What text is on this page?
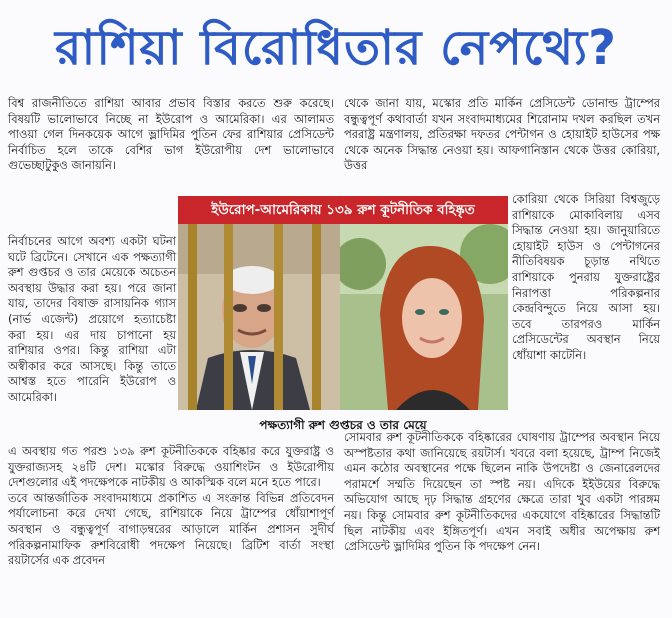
রাশিয়া বিরোধিতার নেপথ্যে?

বিশ্ব রাজনীতিতে রাশিয়া আবার প্রভাব বিস্তার করতে শুরু করেছে। বিষয়টি ভালোভাবে নিচ্ছে না ইউরোপ ও আমেরিকা। এর আলামত পাওয়া গেল দিনকয়েক আগে ভ্লাদিমির পুতিন ফের রাশিয়ার প্রেসিডেন্ট নির্বাচিত হলে তাকে বেশির ভাগ ইউরোপীয় দেশ ভালোভাবে গুভেচ্ছাটুকুও জানায়নি।

নির্বাচনের আগে অবশ্য একটা ঘটনা ঘটে ব্রিটেনে। সেখানে এক পক্ষত্যাগী রুশ গুপ্তচর ও তার মেয়েকে অচেতন অবস্থায় উদ্ধার করা হয়। পরে জানা যায়, তাদের বিষাক্ত রাসায়নিক গ্যাস (নার্ভ এজেন্ট) প্রয়োগে হত্যাচেষ্টা করা হয়। এর দায় চাপানো হয় রাশিয়ার ওপর। কিন্তু রাশিয়া এটা অস্বীকার করে আসছে। কিন্তু তাতে আশ্বস্ত হতে পারেনি ইউরোপ ও আমেরিকা।

এ অবস্থায় গত পরশু ১৩৯ রুশ কূটনীতিককে বহিষ্কার করে যুক্তরাষ্ট্র ও যুক্তরাজ্যসহ ২৪টি দেশ। মস্কোর বিরুদ্ধে ওয়াশিংটন ও ইউরোপীয় দেশগুলোর এই পদক্ষেপকে নাটকীয় ও আকস্মিক বলে মনে হতে পারে।

তবে আন্তর্জাতিক সংবাদমাধ্যমে প্রকাশিত এ সংক্রান্ত বিভিন্ন প্রতিবেদন পর্যালোচনা করে দেখা গেছে, রাশিয়াকে নিয়ে ট্রাম্পের ধোঁয়াশাপূর্ণ অবস্থান ও বন্ধুত্বপূর্ণ বাগাড়ম্বরের আড়ালে মার্কিন প্রশাসন সুদীর্ঘ পরিকল্পনামাফিক রুশবিরোধী পদক্ষেপ নিয়েছে। ব্রিটিশ বার্তা সংস্থা রয়টার্সের এক প্রবেদন

থেকে জানা যায়, মস্কোর প্রতি মার্কিন প্রেসিডেন্ট ডোনাল্ড ট্রাম্পের বন্ধুত্বপূর্ণ কথাবার্তা যখন সংবাদমাধ্যমের শিরোনাম দখল করছিল তখন পররাষ্ট্র মন্ত্রণালয়, প্রতিরক্ষা দফতর পেন্টাগন ও হোয়াইট হাউসের পক্ষ থেকে অনেক সিদ্ধান্ত নেওয়া হয়। আফগানিস্তান থেকে উত্তর কোরিয়া, উত্তর

কোরিয়া থেকে সিরিয়া বিশ্বজুড়ে রাশিয়াকে মোকাবিলায় এসব সিদ্ধান্ত নেওয়া হয়। জানুয়ারিতে হোয়াইট হাউস ও পেন্টাগনের নীতিবিষয়ক চূড়ান্ত নথিতে রাশিয়াকে পুনরায় যুক্তরাষ্ট্রের নিরাপত্তা পরিকল্পনার কেন্দ্রবিন্দুতে নিয়ে আসা হয়। তবে তারপরও মার্কিন প্রেসিডেন্টের অবস্থান নিয়ে ধোঁয়াশা কাটেনি।

সোমবার রুশ কূটনীতিককে বহিষ্কারের ঘোষণায় ট্রাম্পের অবস্থান নিয়ে অস্পষ্টতার কথা জানিয়েছে রয়টার্স। খবরে বলা হয়েছে, ট্রাম্প নিজেই এমন কঠোর অবস্থানের পক্ষে ছিলেন নাকি উপদেষ্টা ও জেনারেলদের পরামর্শে সম্মতি দিয়েছেন তা স্পষ্ট নয়। এদিকে ইইউয়ের বিরুদ্ধে অভিযোগ আছে দৃঢ় সিদ্ধান্ত গ্রহণের ক্ষেত্রে তারা খুব একটা পারঙ্গম নয়। কিন্তু সোমবার রুশ কূটনীতিকদের একযোগে বহিষ্কারের সিদ্ধান্তটি ছিল নাটকীয় এবং ইঙ্গিতপূর্ণ। এখন সবাই অধীর অপেক্ষায় রুশ প্রেসিডেন্ট ভ্লাদিমির পুতিন কি পদক্ষেপ নেন।

ইউরোপ-আমেরিকায় ১৩৯ রুশ কূটনীতিক বহিষ্কৃত
পক্ষত্যাগী রুশ গুপ্তচর ও তার মেয়ে
